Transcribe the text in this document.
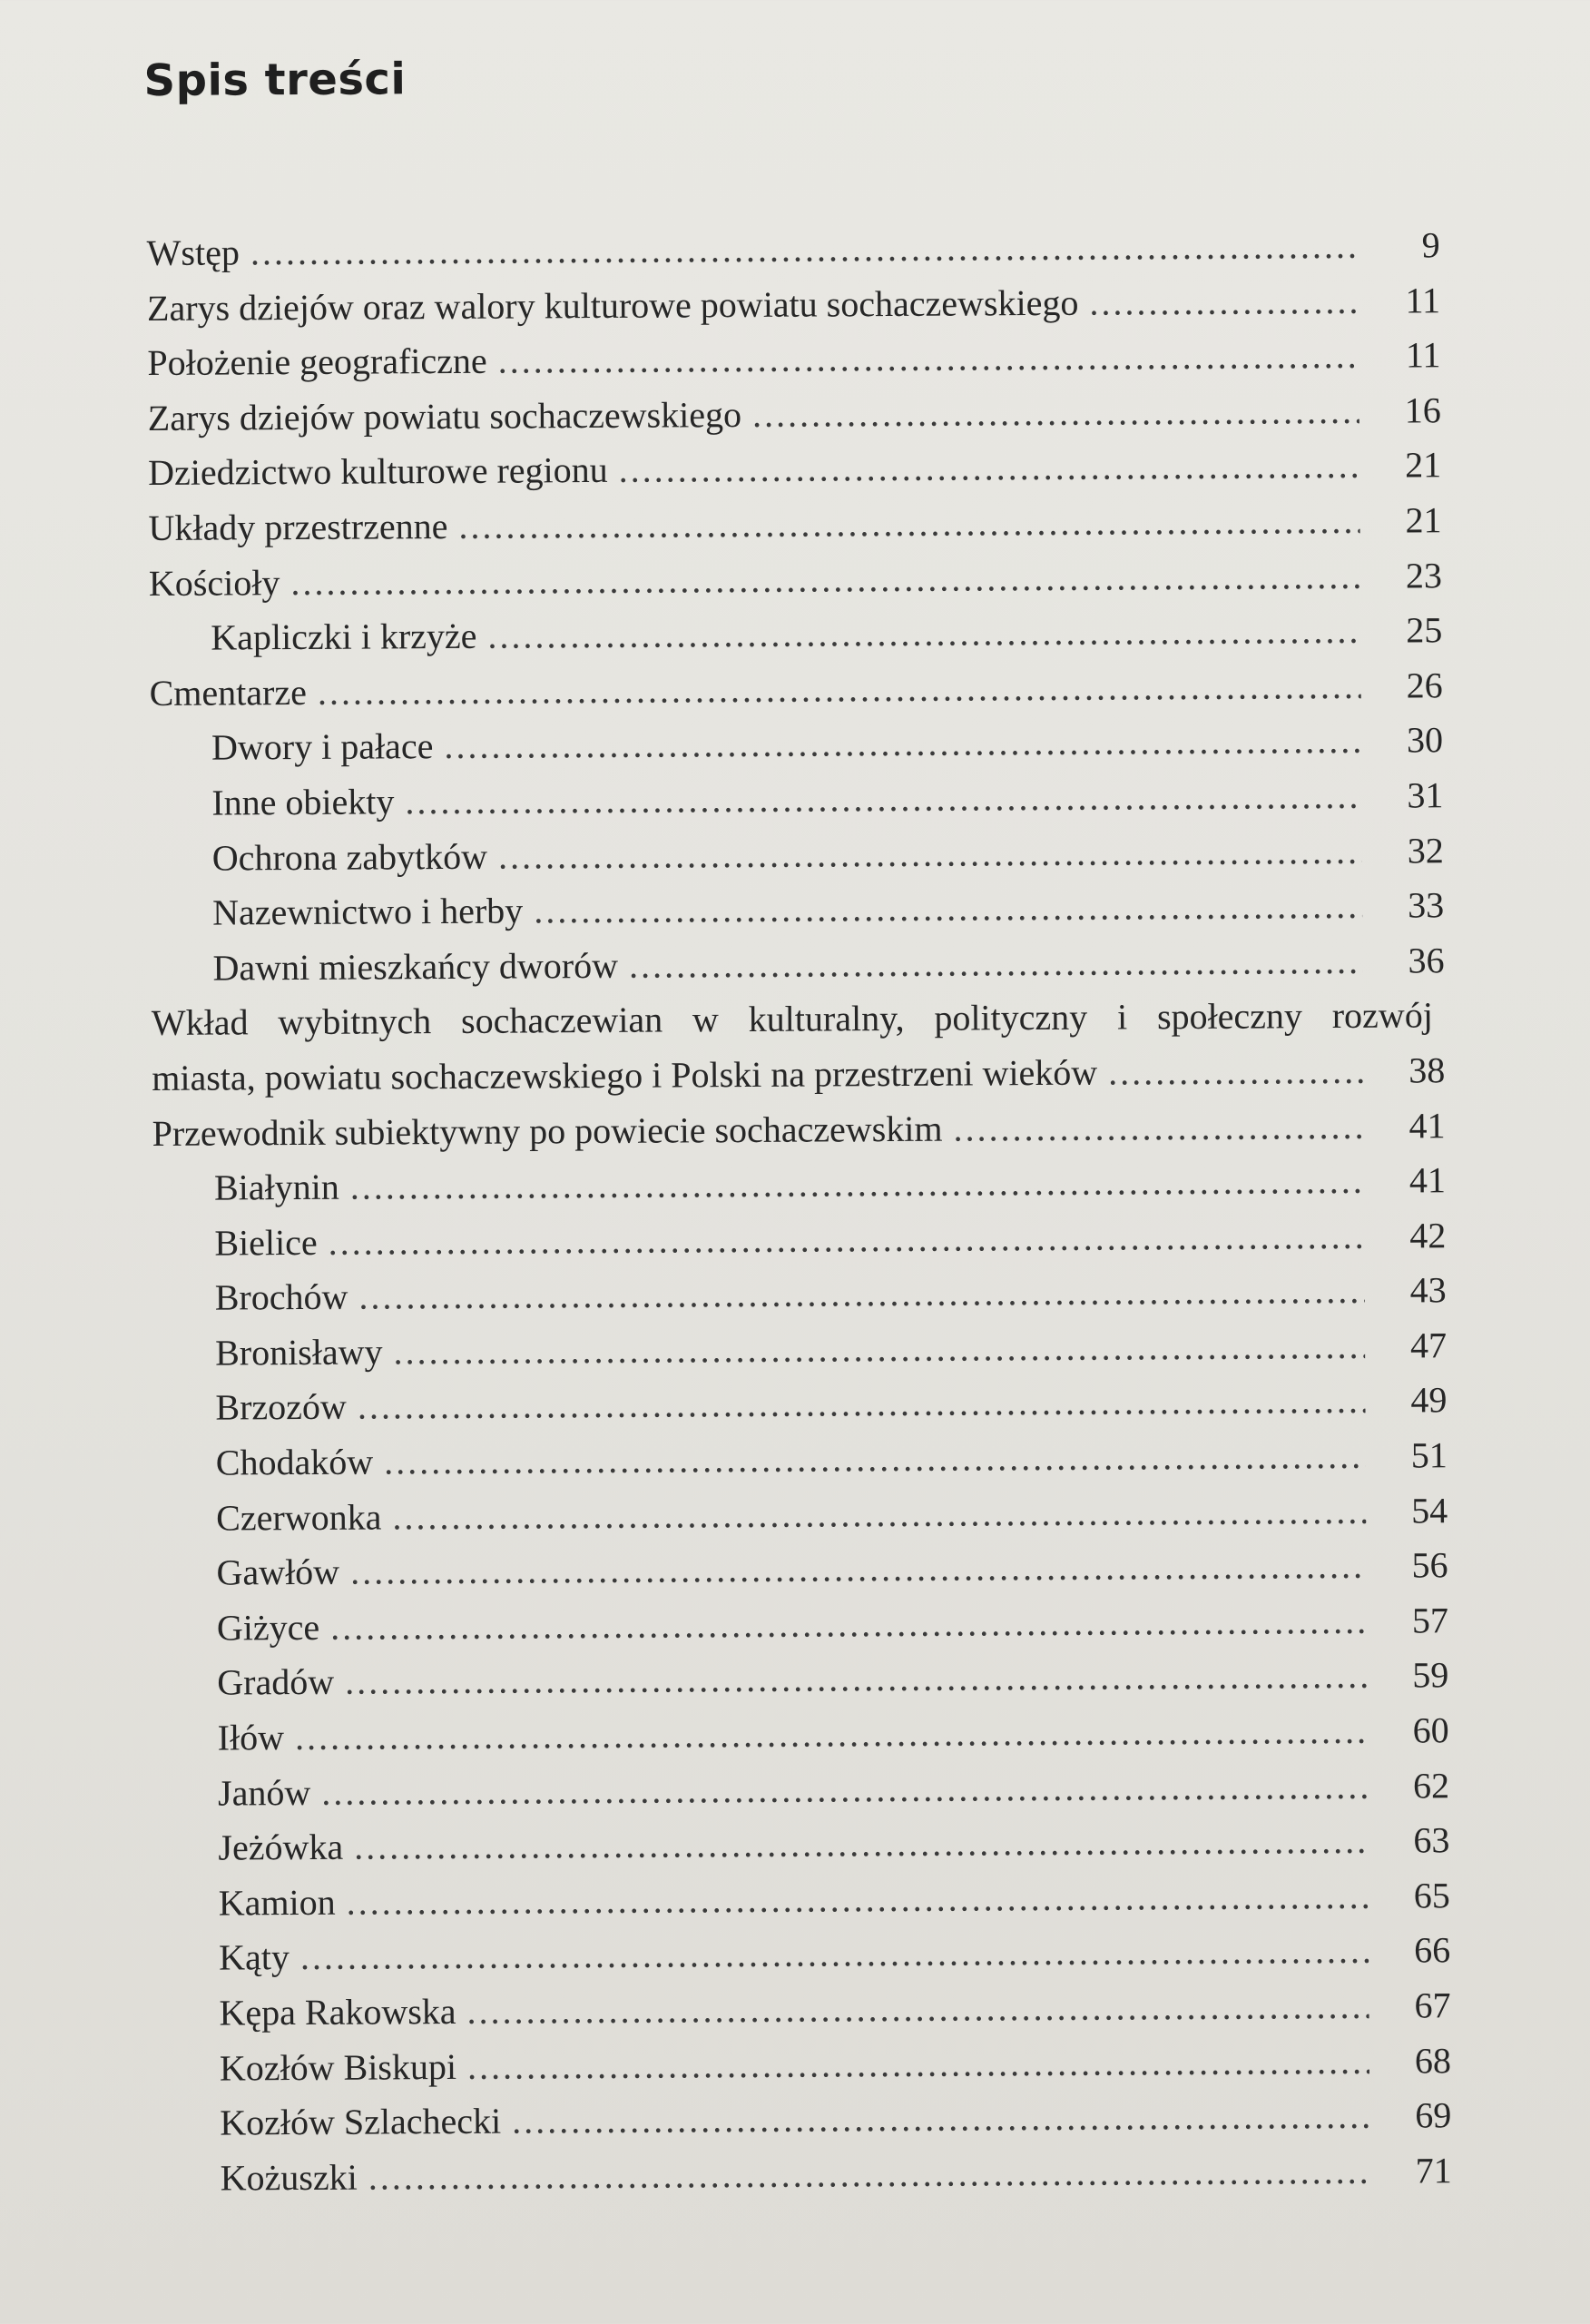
Spis treści
Wstęp .....	9
Zarys dziejów oraz walory kulturowe powiatu sochaczewskiego .....	11
Położenie geograficzne .....	11
Zarys dziejów powiatu sochaczewskiego .....	16
Dziedzictwo kulturowe regionu .....	21
Układy przestrzenne .....	21
Kościoły .....	23
Kapliczki i krzyże .....	25
Cmentarze .....	26
Dwory i pałace .....	30
Inne obiekty .....	31
Ochrona zabytków .....	32
Nazewnictwo i herby .....	33
Dawni mieszkańcy dworów .....	36
Wkład wybitnych sochaczewian w kulturalny, polityczny i społeczny rozwój
miasta, powiatu sochaczewskiego i Polski na przestrzeni wieków .....	38
Przewodnik subiektywny po powiecie sochaczewskim .....	41
Białynin .....	41
Bielice .....	42
Brochów .....	43
Bronisławy .....	47
Brzozów .....	49
Chodaków .....	51
Czerwonka .....	54
Gawłów .....	56
Giżyce .....	57
Gradów .....	59
Iłów .....	60
Janów .....	62
Jeżówka .....	63
Kamion .....	65
Kąty .....	66
Kępa Rakowska .....	67
Kozłów Biskupi .....	68
Kozłów Szlachecki .....	69
Kożuszki .....	71
